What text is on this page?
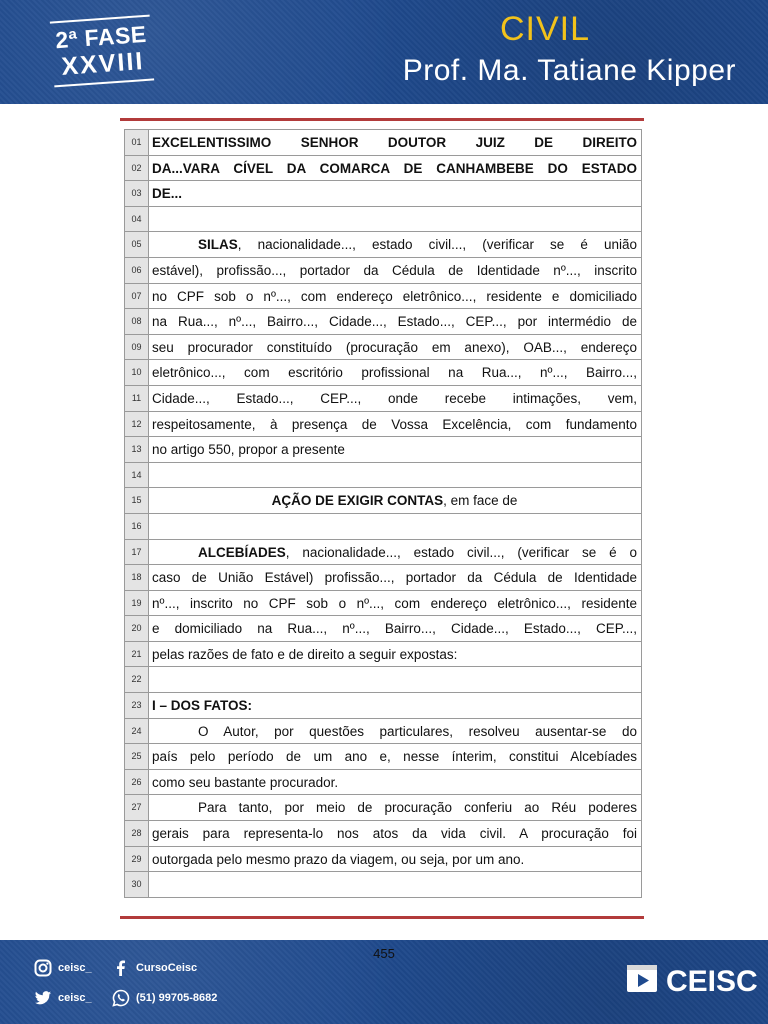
2ª FASE
XXVIII
CIVIL
Prof. Ma. Tatiane Kipper
01 EXCELENTISSIMO SENHOR DOUTOR JUIZ DE DIREITO
02 DA...VARA CÍVEL DA COMARCA DE CANHAMBEBE DO ESTADO
03 DE...
04
05	SILAS, nacionalidade..., estado civil..., (verificar se é união
06 estável), profissão..., portador da Cédula de Identidade nº..., inscrito
07 no CPF sob o nº..., com endereço eletrônico..., residente e domiciliado
08 na Rua..., nº..., Bairro..., Cidade..., Estado..., CEP..., por intermédio de
09 seu procurador constituído (procuração em anexo), OAB..., endereço
10 eletrônico..., com escritório profissional na Rua..., nº..., Bairro...,
11 Cidade..., Estado..., CEP..., onde recebe intimações, vem,
12 respeitosamente, à presença de Vossa Excelência, com fundamento
13 no artigo 550, propor a presente
14
15	AÇÃO DE EXIGIR CONTAS, em face de
16
17	ALCEBÍADES, nacionalidade..., estado civil..., (verificar se é o
18 caso de União Estável) profissão..., portador da Cédula de Identidade
19 nº..., inscrito no CPF sob o nº..., com endereço eletrônico..., residente
20 e domiciliado na Rua..., nº..., Bairro..., Cidade..., Estado..., CEP...,
21 pelas razões de fato e de direito a seguir expostas:
22
23 I – DOS FATOS:
24	O Autor, por questões particulares, resolveu ausentar-se do
25 país pelo período de um ano e, nesse ínterim, constitui Alcebíades
26 como seu bastante procurador.
27	Para tanto, por meio de procuração conferiu ao Réu poderes
28 gerais para representa-lo nos atos da vida civil. A procuração foi
29 outorgada pelo mesmo prazo da viagem, ou seja, por um ano.
30
455
ceisc_	CursoCeisc
ceisc_	(51) 99705-8682	CEISC
